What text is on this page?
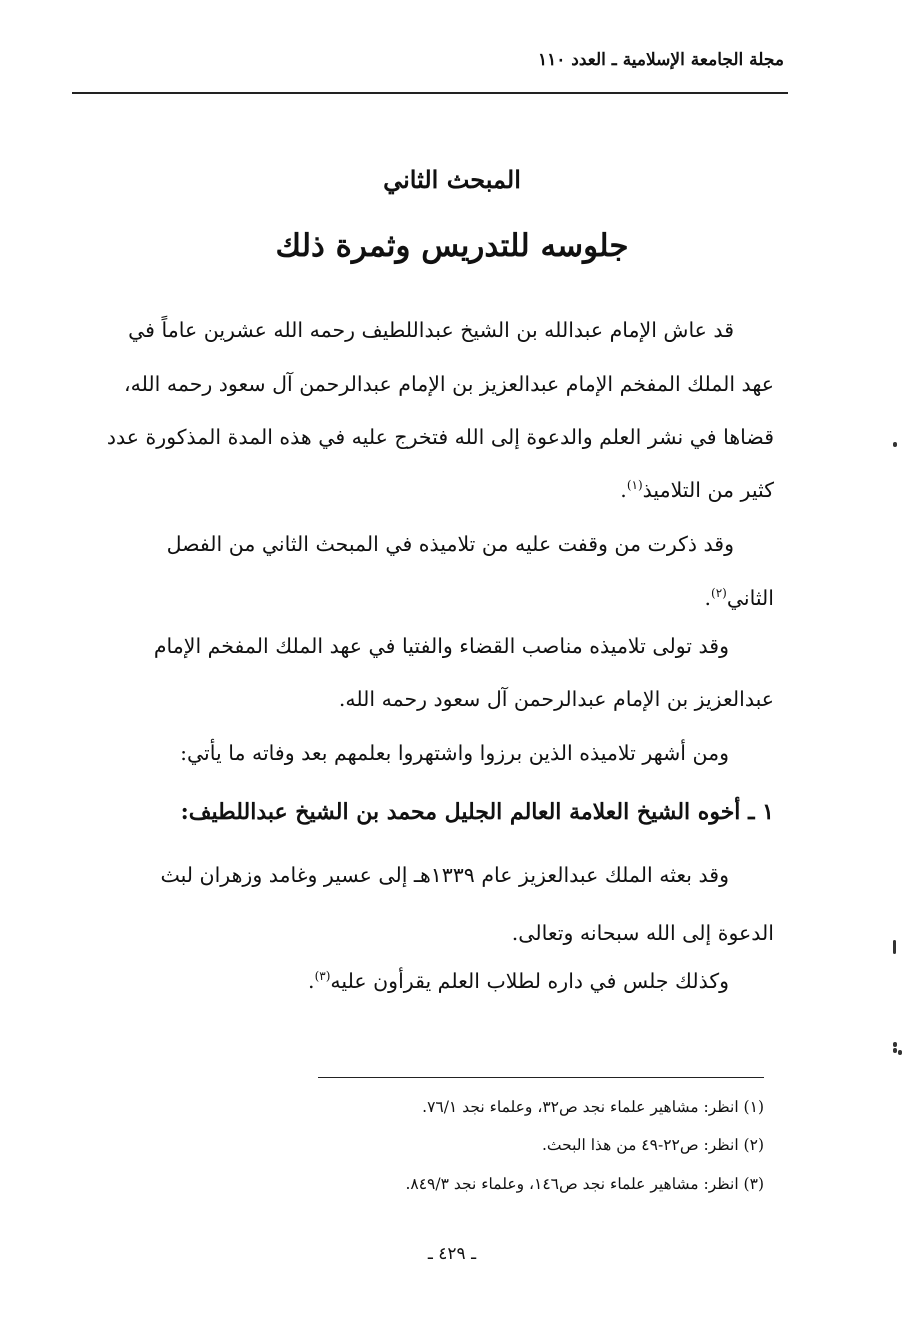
مجلة الجامعة الإسلامية ـ العدد ١١٠
المبحث الثاني
جلوسه للتدريس وثمرة ذلك
قد عاش الإمام عبدالله بن الشيخ عبداللطيف رحمه الله عشرين عاماً في
عهد الملك المفخم الإمام عبدالعزيز بن الإمام عبدالرحمن آل سعود رحمه الله،
قضاها في نشر العلم والدعوة إلى الله فتخرج عليه في هذه المدة المذكورة عدد
كثير من التلاميذ$^{(١)}$.
وقد ذكرت من وقفت عليه من تلاميذه في المبحث الثاني من الفصل
الثاني$^{(٢)}$.
وقد تولى تلاميذه مناصب القضاء والفتيا في عهد الملك المفخم الإمام
عبدالعزيز بن الإمام عبدالرحمن آل سعود رحمه الله.
ومن أشهر تلاميذه الذين برزوا واشتهروا بعلمهم بعد وفاته ما يأتي:
١ ـ أخوه الشيخ العلامة العالم الجليل محمد بن الشيخ عبداللطيف:
وقد بعثه الملك عبدالعزيز عام ١٣٣٩هـ إلى عسير وغامد وزهران لبث
الدعوة إلى الله سبحانه وتعالى.
وكذلك جلس في داره لطلاب العلم يقرأون عليه$^{(٣)}$.
(١) انظر: مشاهير علماء نجد ص٣٢، وعلماء نجد ٧٦/١.
(٢) انظر: ص٢٢-٤٩ من هذا البحث.
(٣) انظر: مشاهير علماء نجد ص١٤٦، وعلماء نجد ٨٤٩/٣.
ـ ٤٢٩ ـ
